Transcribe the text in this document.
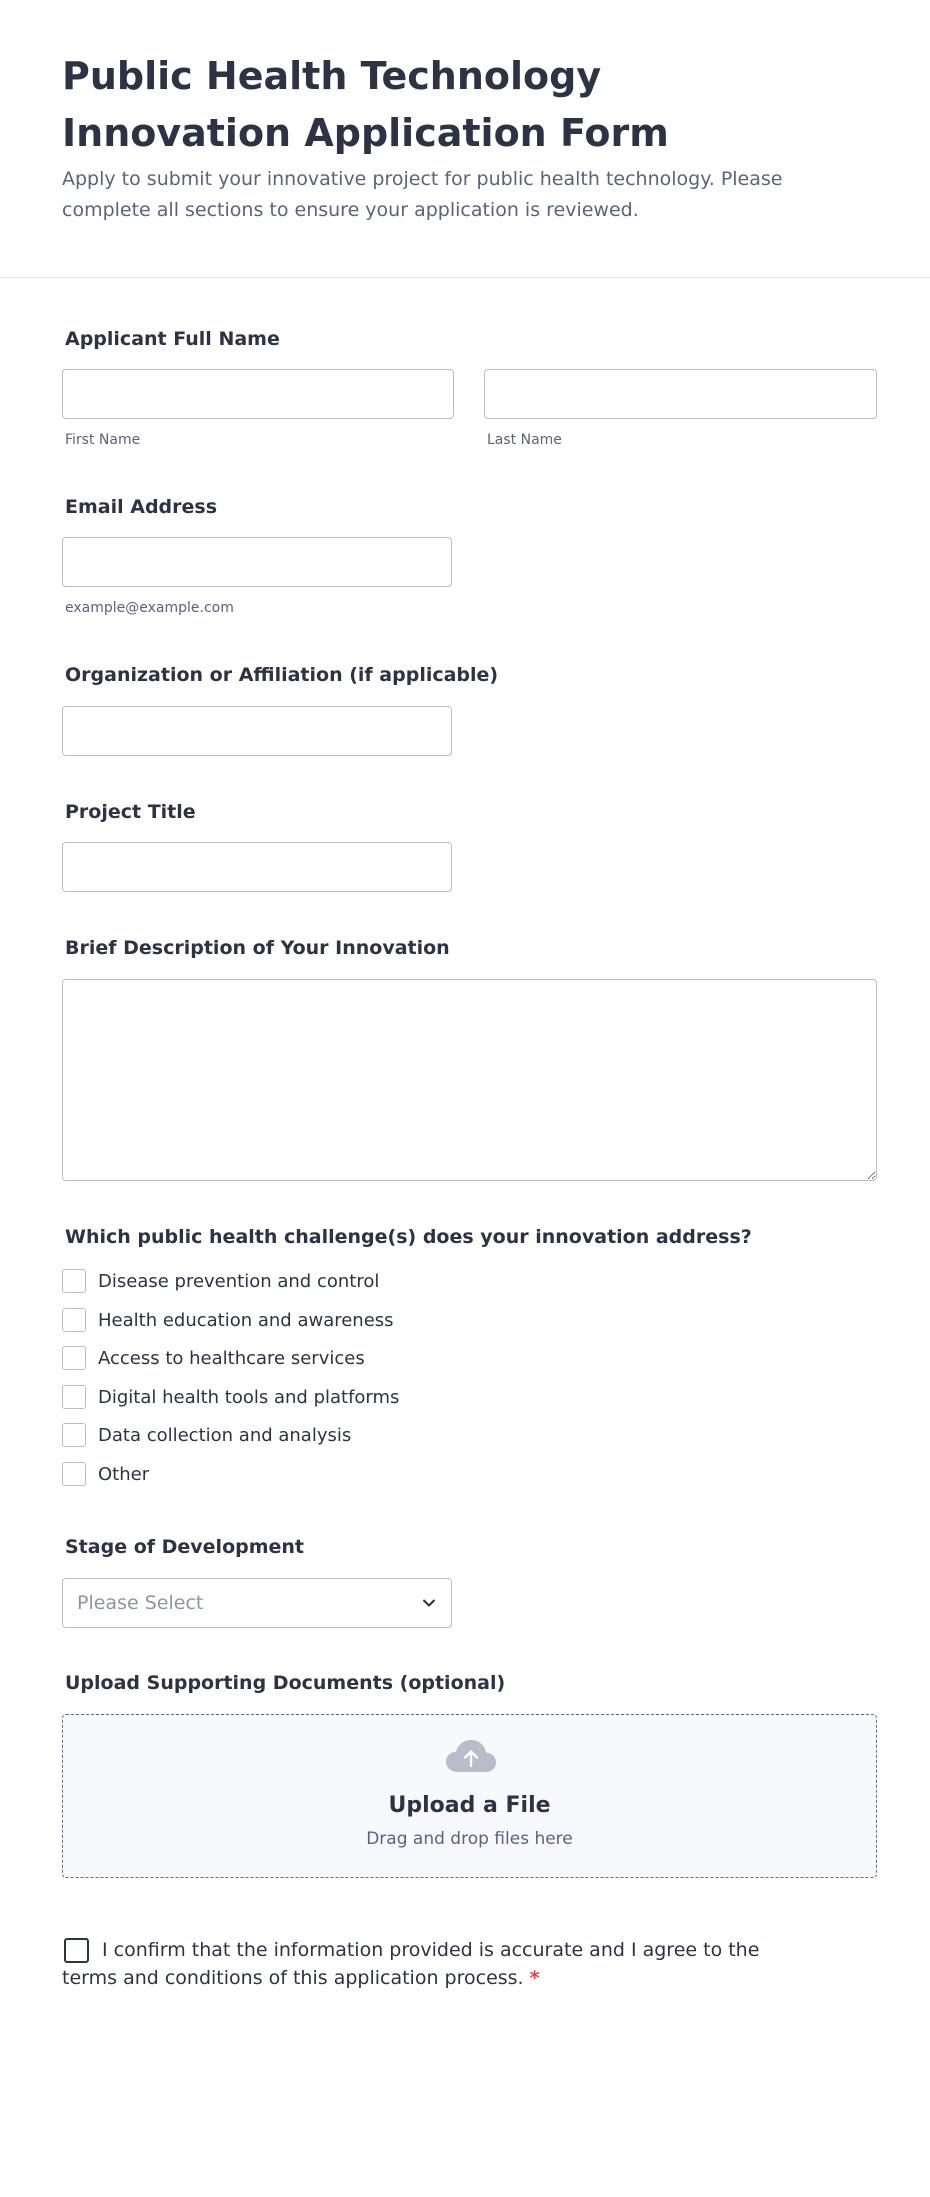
Public Health Technology Innovation Application Form

Apply to submit your innovative project for public health technology. Please complete all sections to ensure your application is reviewed.

Applicant Full Name
First Name	Last Name
Email Address
example@example.com
Organization or Affiliation (if applicable)
Project Title
Brief Description of Your Innovation
Which public health challenge(s) does your innovation address?
Disease prevention and control
Health education and awareness
Access to healthcare services
Digital health tools and platforms
Data collection and analysis
Other
Stage of Development
Please Select
Upload Supporting Documents (optional)
Upload a File
Drag and drop files here

I confirm that the information provided is accurate and I agree to the terms and conditions of this application process. *
